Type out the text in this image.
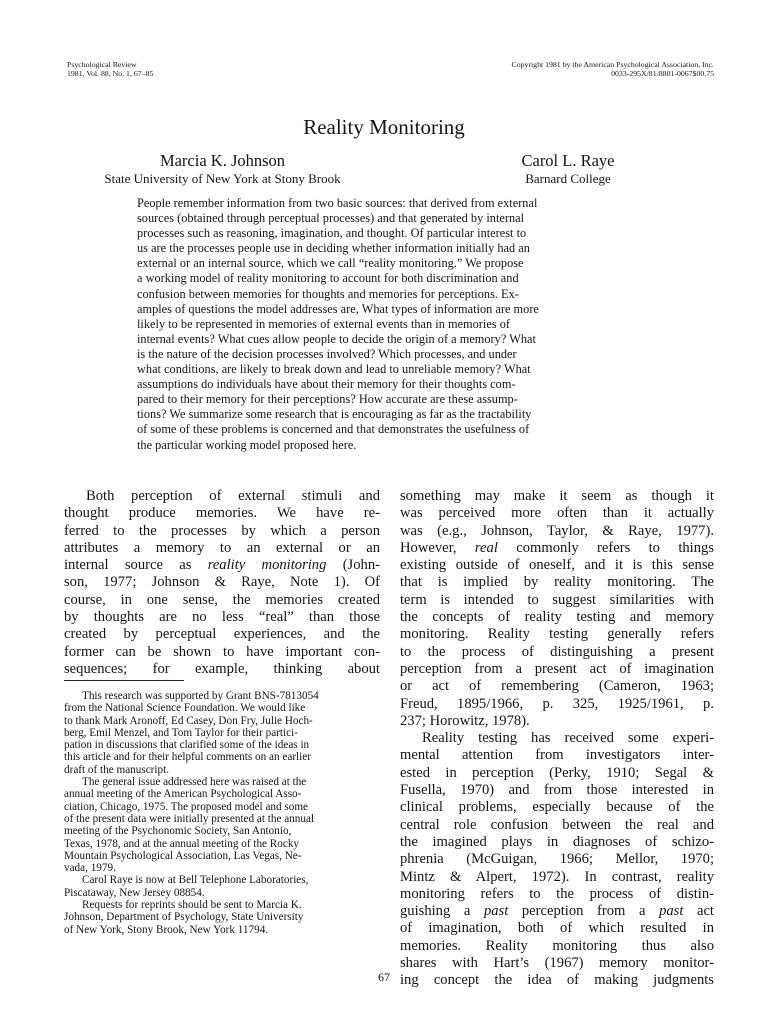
Psychological Review
1981, Vol. 88, No. 1, 67–85
Copyright 1981 by the American Psychological Association, Inc.
0033-295X/81/8801-0067$00.75
Reality Monitoring
Marcia K. Johnson
State University of New York at Stony Brook
Carol L. Raye
Barnard College
People remember information from two basic sources: that derived from external
sources (obtained through perceptual processes) and that generated by internal
processes such as reasoning, imagination, and thought. Of particular interest to
us are the processes people use in deciding whether information initially had an
external or an internal source, which we call “reality monitoring.” We propose
a working model of reality monitoring to account for both discrimination and
confusion between memories for thoughts and memories for perceptions. Ex-
amples of questions the model addresses are, What types of information are more
likely to be represented in memories of external events than in memories of
internal events? What cues allow people to decide the origin of a memory? What
is the nature of the decision processes involved? Which processes, and under
what conditions, are likely to break down and lead to unreliable memory? What
assumptions do individuals have about their memory for their thoughts com-
pared to their memory for their perceptions? How accurate are these assump-
tions? We summarize some research that is encouraging as far as the tractability
of some of these problems is concerned and that demonstrates the usefulness of
the particular working model proposed here.
Both perception of external stimuli and
thought produce memories. We have re-
ferred to the processes by which a person
attributes a memory to an external or an
internal source as reality monitoring (John-
son, 1977; Johnson & Raye, Note 1). Of
course, in one sense, the memories created
by thoughts are no less “real” than those
created by perceptual experiences, and the
former can be shown to have important con-
sequences; for example, thinking about
This research was supported by Grant BNS-7813054
from the National Science Foundation. We would like
to thank Mark Aronoff, Ed Casey, Don Fry, Julie Hoch-
berg, Emil Menzel, and Tom Taylor for their partici-
pation in discussions that clarified some of the ideas in
this article and for their helpful comments on an earlier
draft of the manuscript.
The general issue addressed here was raised at the
annual meeting of the American Psychological Asso-
ciation, Chicago, 1975. The proposed model and some
of the present data were initially presented at the annual
meeting of the Psychonomic Society, San Antonio,
Texas, 1978, and at the annual meeting of the Rocky
Mountain Psychological Association, Las Vegas, Ne-
vada, 1979.
Carol Raye is now at Bell Telephone Laboratories,
Piscataway, New Jersey 08854.
Requests for reprints should be sent to Marcia K.
Johnson, Department of Psychology, State University
of New York, Stony Brook, New York 11794.
something may make it seem as though it
was perceived more often than it actually
was (e.g., Johnson, Taylor, & Raye, 1977).
However, real commonly refers to things
existing outside of oneself, and it is this sense
that is implied by reality monitoring. The
term is intended to suggest similarities with
the concepts of reality testing and memory
monitoring. Reality testing generally refers
to the process of distinguishing a present
perception from a present act of imagination
or act of remembering (Cameron, 1963;
Freud, 1895/1966, p. 325, 1925/1961, p.
237; Horowitz, 1978).
Reality testing has received some experi-
mental attention from investigators inter-
ested in perception (Perky, 1910; Segal &
Fusella, 1970) and from those interested in
clinical problems, especially because of the
central role confusion between the real and
the imagined plays in diagnoses of schizo-
phrenia (McGuigan, 1966; Mellor, 1970;
Mintz & Alpert, 1972). In contrast, reality
monitoring refers to the process of distin-
guishing a past perception from a past act
of imagination, both of which resulted in
memories. Reality monitoring thus also
shares with Hart’s (1967) memory monitor-
ing concept the idea of making judgments
67
